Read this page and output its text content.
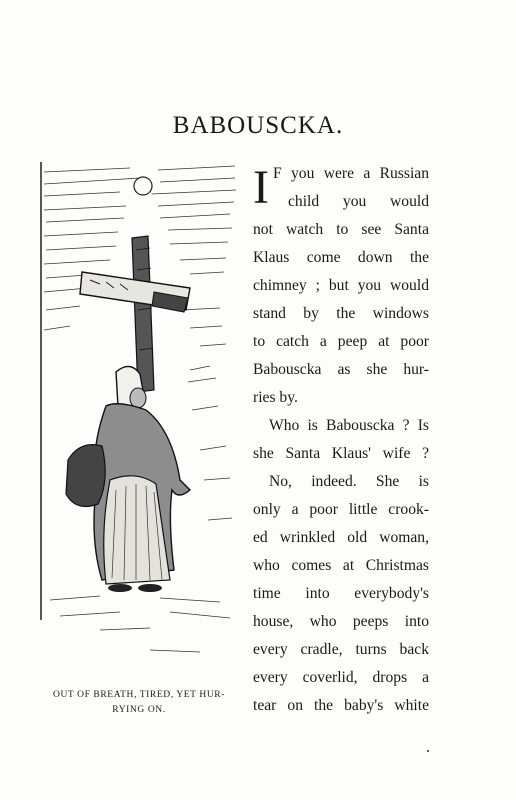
BABOUSCKA.
OUT OF BREATH, TIRED, YET HUR-
RYING ON.
I F you were a Russian
child you would
not watch to see Santa
Klaus come down the
chimney ; but you would
stand by the windows
to catch a peep at poor
Babouscka as she hur-
ries by.
Who is Babouscka ? Is
she Santa Klaus' wife ?
No, indeed. She is
only a poor little crook-
ed wrinkled old woman,
who comes at Christmas
time into everybody's
house, who peeps into
every cradle, turns back
every coverlid, drops a
tear on the baby's white
